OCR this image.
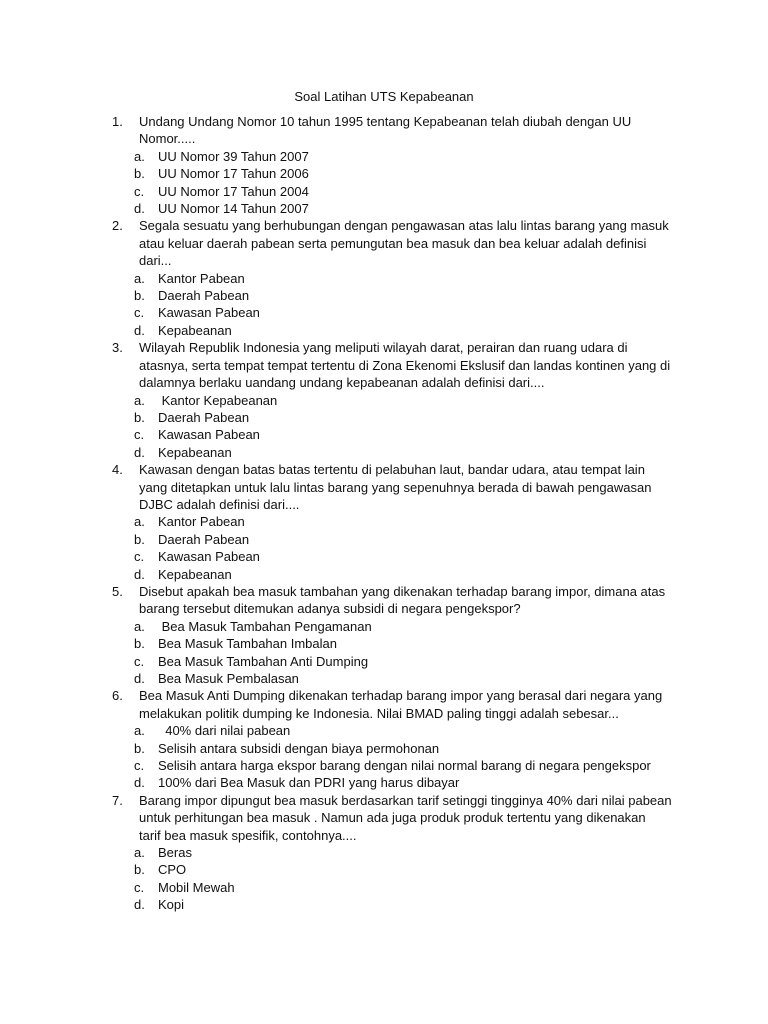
Soal Latihan UTS Kepabeanan
1.	Undang Undang Nomor 10 tahun 1995 tentang Kepabeanan telah diubah dengan UU
Nomor.....
a.	UU Nomor 39 Tahun 2007
b.	UU Nomor 17 Tahun 2006
c.	UU Nomor 17 Tahun 2004
d.	UU Nomor 14 Tahun 2007
2.	Segala sesuatu yang berhubungan dengan pengawasan atas lalu lintas barang yang masuk
atau keluar daerah pabean serta pemungutan bea masuk dan bea keluar adalah definisi
dari...
a.	Kantor Pabean
b.	Daerah Pabean
c.	Kawasan Pabean
d.	Kepabeanan
3.	Wilayah Republik Indonesia yang meliputi wilayah darat, perairan dan ruang udara di
atasnya, serta tempat tempat tertentu di Zona Ekenomi Ekslusif dan landas kontinen yang di
dalamnya berlaku uandang undang kepabeanan adalah definisi dari....
a.	Kantor Kepabeanan
b.	Daerah Pabean
c.	Kawasan Pabean
d.	Kepabeanan
4.	Kawasan dengan batas batas tertentu di pelabuhan laut, bandar udara, atau tempat lain
yang ditetapkan untuk lalu lintas barang yang sepenuhnya berada di bawah pengawasan
DJBC adalah definisi dari....
a.	Kantor Pabean
b.	Daerah Pabean
c.	Kawasan Pabean
d.	Kepabeanan
5.	Disebut apakah bea masuk tambahan yang dikenakan terhadap barang impor, dimana atas
barang tersebut ditemukan adanya subsidi di negara pengekspor?
a.	Bea Masuk Tambahan Pengamanan
b.	Bea Masuk Tambahan Imbalan
c.	Bea Masuk Tambahan Anti Dumping
d.	Bea Masuk Pembalasan
6.	Bea Masuk Anti Dumping dikenakan terhadap barang impor yang berasal dari negara yang
melakukan politik dumping ke Indonesia. Nilai BMAD paling tinggi adalah sebesar...
a.	40% dari nilai pabean
b.	Selisih antara subsidi dengan biaya permohonan
c.	Selisih antara harga ekspor barang dengan nilai normal barang di negara pengekspor
d.	100% dari Bea Masuk dan PDRI yang harus dibayar
7.	Barang impor dipungut bea masuk berdasarkan tarif setinggi tingginya 40% dari nilai pabean
untuk perhitungan bea masuk . Namun ada juga produk produk tertentu yang dikenakan
tarif bea masuk spesifik, contohnya....
a.	Beras
b.	CPO
c.	Mobil Mewah
d.	Kopi
